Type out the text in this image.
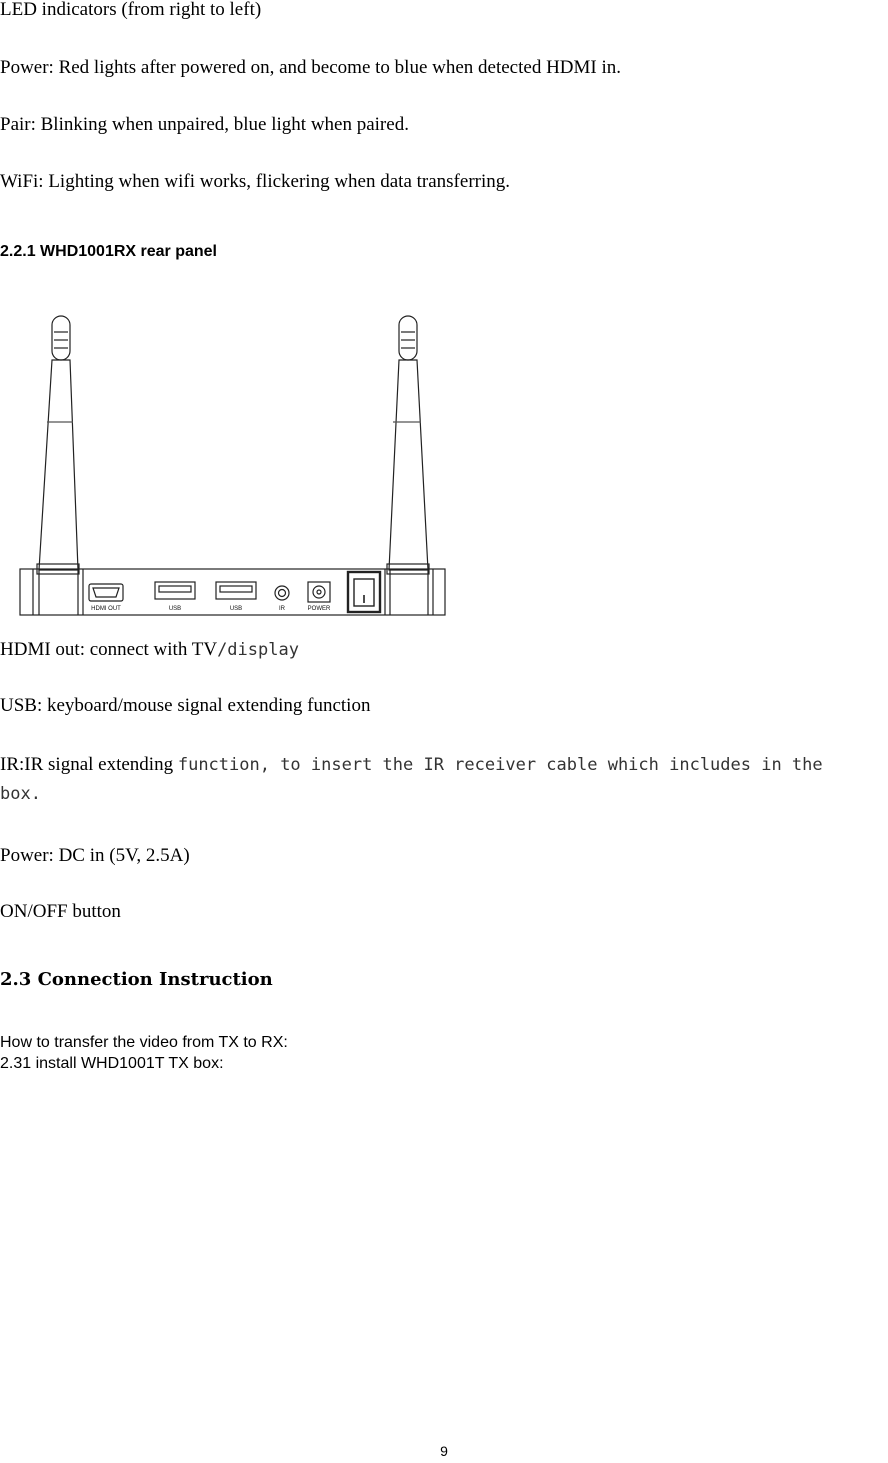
LED indicators (from right to left)

Power: Red lights after powered on, and become to blue when detected HDMI in.

Pair: Blinking when unpaired, blue light when paired.

WiFi: Lighting when wifi works, flickering when data transferring.

2.2.1 WHD1001RX rear panel

HDMI OUT	USB	USB	IR	POWER

HDMI out: connect with TV/display

USB: keyboard/mouse signal extending function

IR:IR signal extending function, to insert the IR receiver cable which includes in the

box.

Power: DC in (5V, 2.5A)

ON/OFF button

2.3 Connection Instruction

How to transfer the video from TX to RX:

2.31 install WHD1001T TX box:

9
